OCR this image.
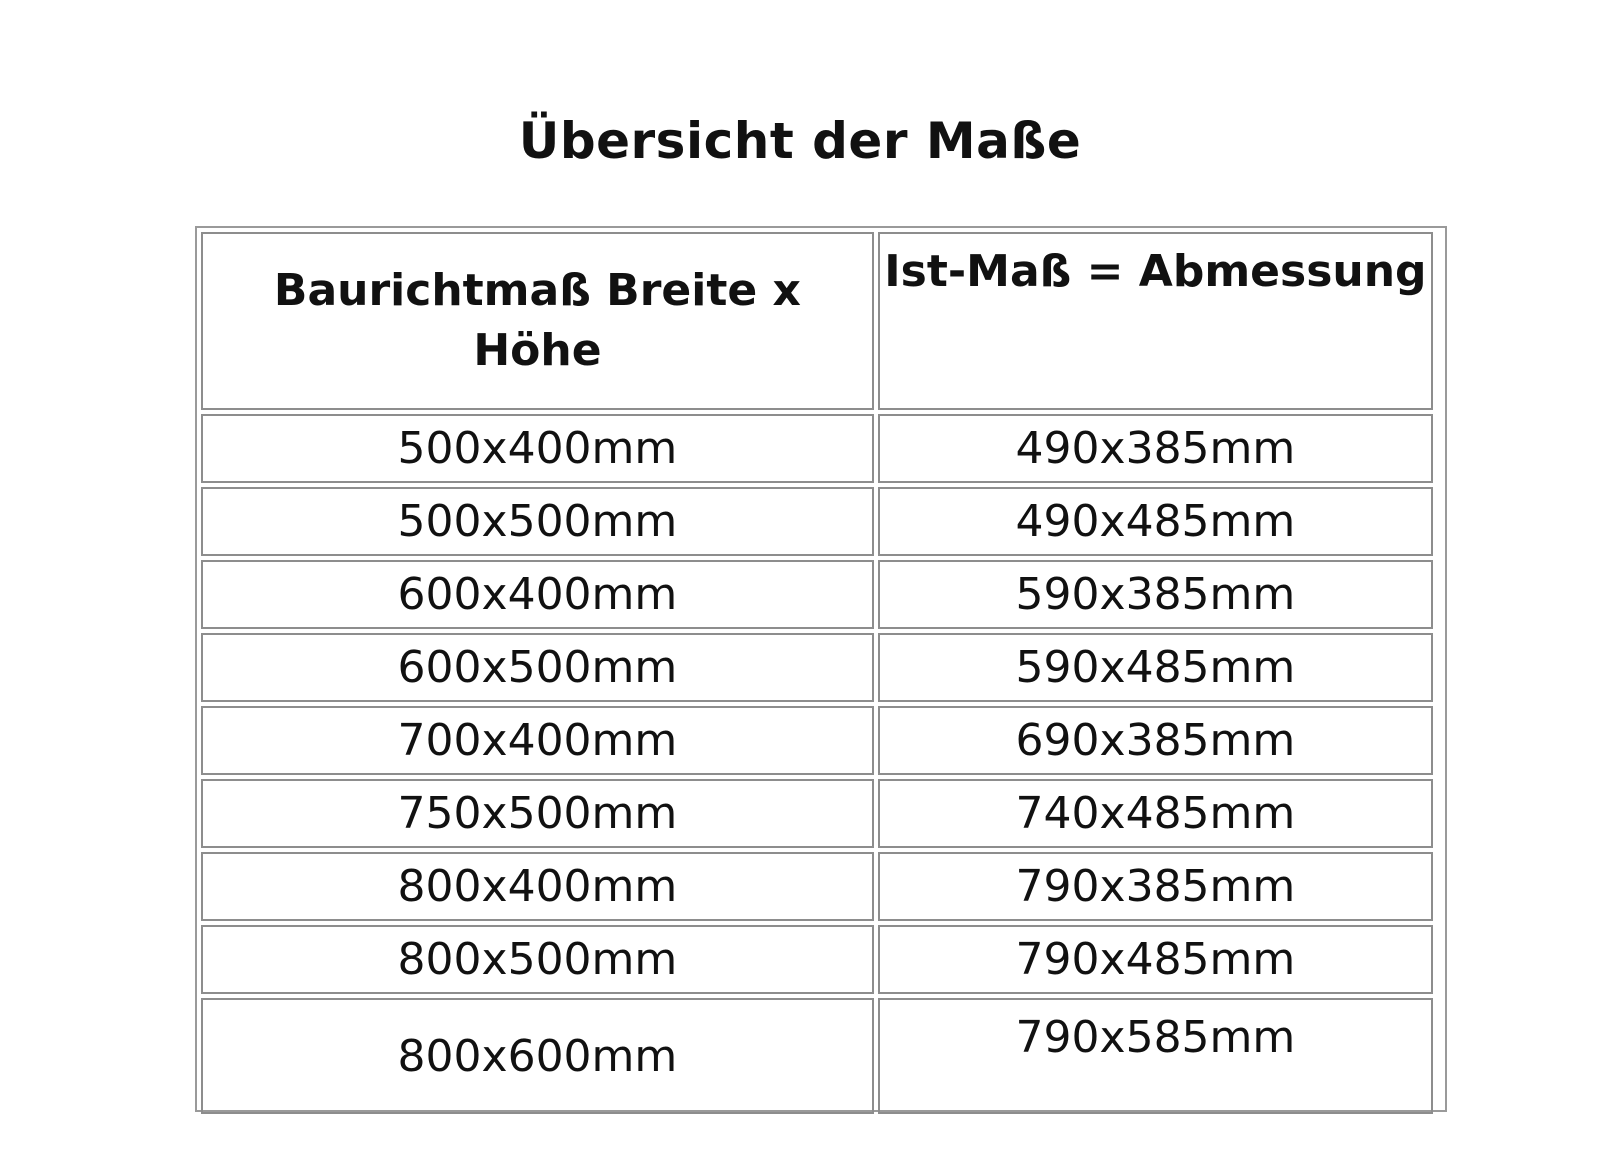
Übersicht der Maße
Baurichtmaß Breite x Höhe	Ist-Maß = Abmessung
500x400mm	490x385mm
500x500mm	490x485mm
600x400mm	590x385mm
600x500mm	590x485mm
700x400mm	690x385mm
750x500mm	740x485mm
800x400mm	790x385mm
800x500mm	790x485mm
800x600mm	790x585mm
